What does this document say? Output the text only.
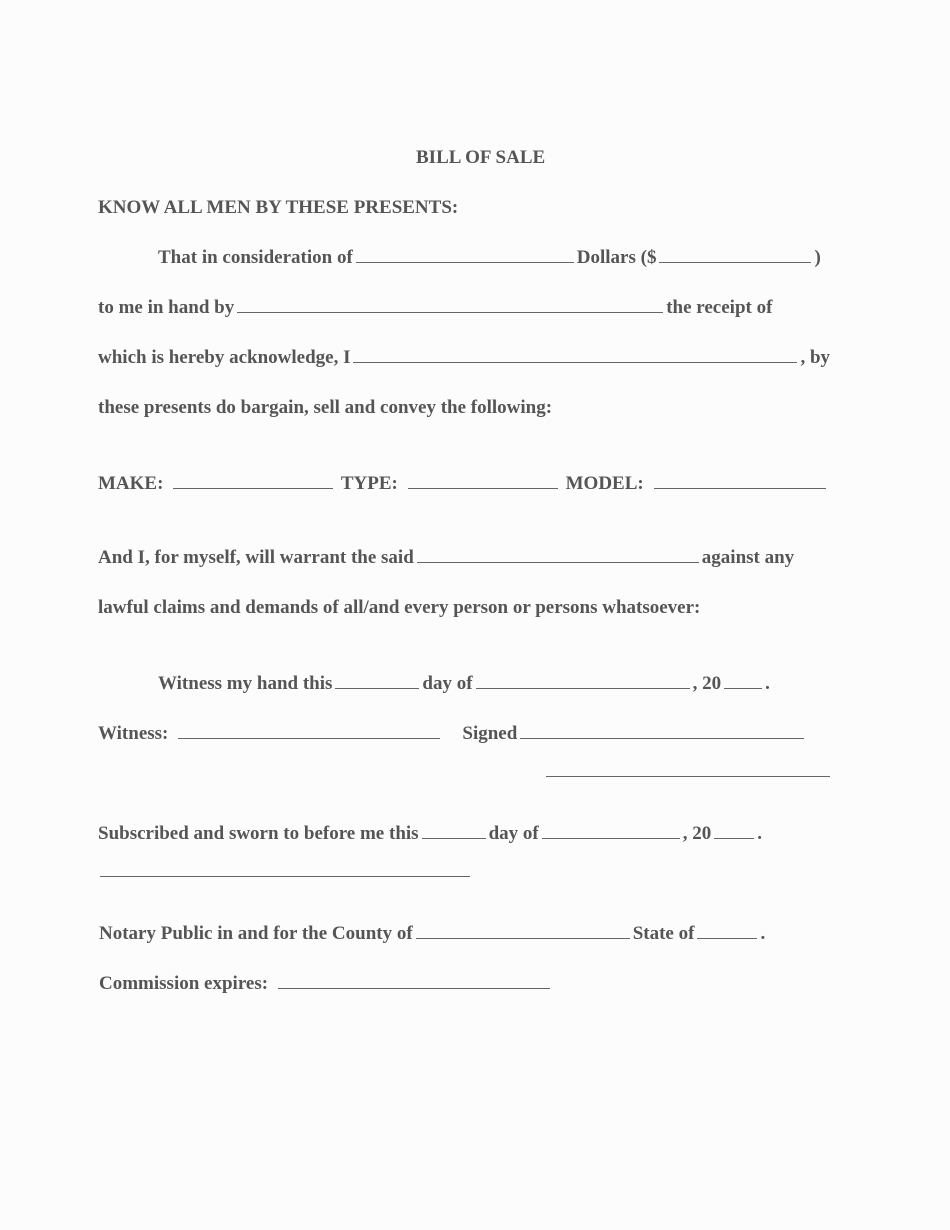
BILL OF SALE
KNOW ALL MEN BY THESE PRESENTS:
That in consideration of	Dollars ($	)
to me in hand by	the receipt of
which is hereby acknowledge, I	, by
these presents do bargain, sell and convey the following:
MAKE:	TYPE:	MODEL:
And I, for myself, will warrant the said	against any
lawful claims and demands of all/and every person or persons whatsoever:
Witness my hand this	day of	, 20 .
Witness:	Signed
Subscribed and sworn to before me this	day of	, 20 .
Notary Public in and for the County of	State of	.
Commission expires:
